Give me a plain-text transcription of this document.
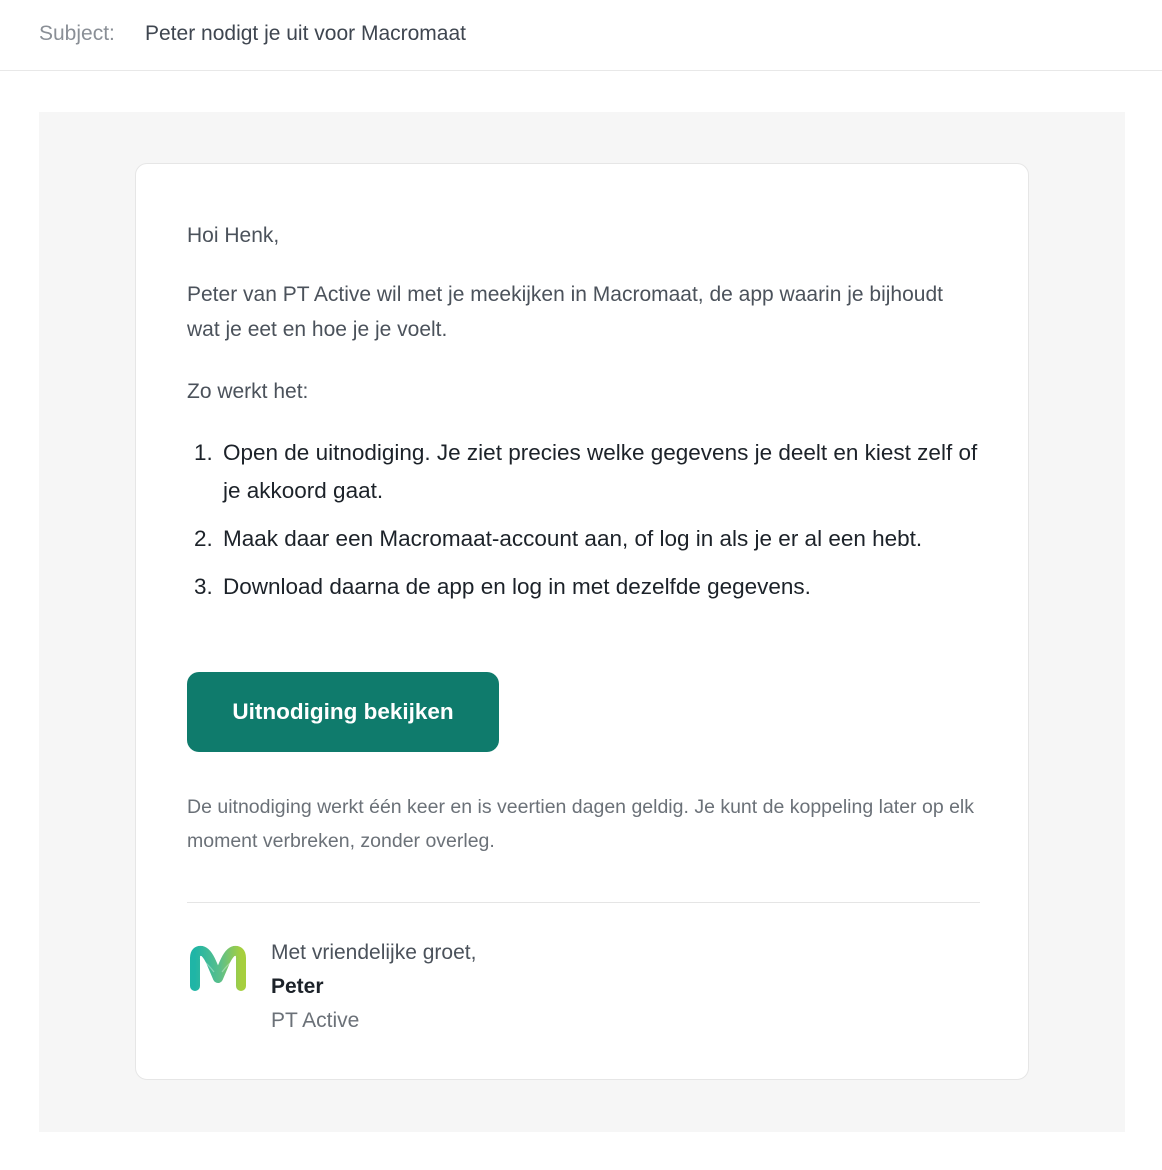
Subject: Peter nodigt je uit voor Macromaat
Hoi Henk,
Peter van PT Active wil met je meekijken in Macromaat, de app waarin je bijhoudt wat je eet en hoe je je voelt.
Zo werkt het:
1. Open de uitnodiging. Je ziet precies welke gegevens je deelt en kiest zelf of je akkoord gaat.
2. Maak daar een Macromaat-account aan, of log in als je er al een hebt.
3. Download daarna de app en log in met dezelfde gegevens.
Uitnodiging bekijken
De uitnodiging werkt één keer en is veertien dagen geldig. Je kunt de koppeling later op elk moment verbreken, zonder overleg.
Met vriendelijke groet,
Peter
PT Active
